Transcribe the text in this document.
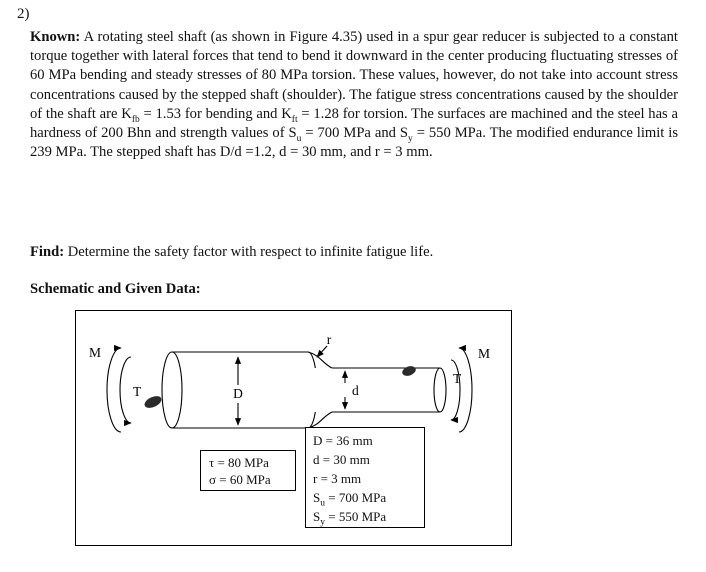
2)

Known: A rotating steel shaft (as shown in Figure 4.35) used in a spur gear reducer is subjected to a constant torque together with lateral forces that tend to bend it downward in the center producing fluctuating stresses of 60 MPa bending and steady stresses of 80 MPa torsion. These values, however, do not take into account stress concentrations caused by the stepped shaft (shoulder). The fatigue stress concentrations caused by the shoulder of the shaft are $K_{fb} = 1.53$ for bending and $K_{ft} = 1.28$ for torsion. The surfaces are machined and the steel has a hardness of 200 Bhn and strength values of $S_u = 700$ MPa and $S_y = 550$ MPa. The modified endurance limit is 239 MPa. The stepped shaft has D/d =1.2, d = 30 mm, and r = 3 mm.

Find: Determine the safety factor with respect to infinite fatigue life.

Schematic and Given Data:
M
T	D
r
d
T
M
τ = 80 MPa
σ = 60 MPa
D = 36 mm
d = 30 mm
r = 3 mm
$S_u = 700$ MPa
$S_y = 550$ MPa
